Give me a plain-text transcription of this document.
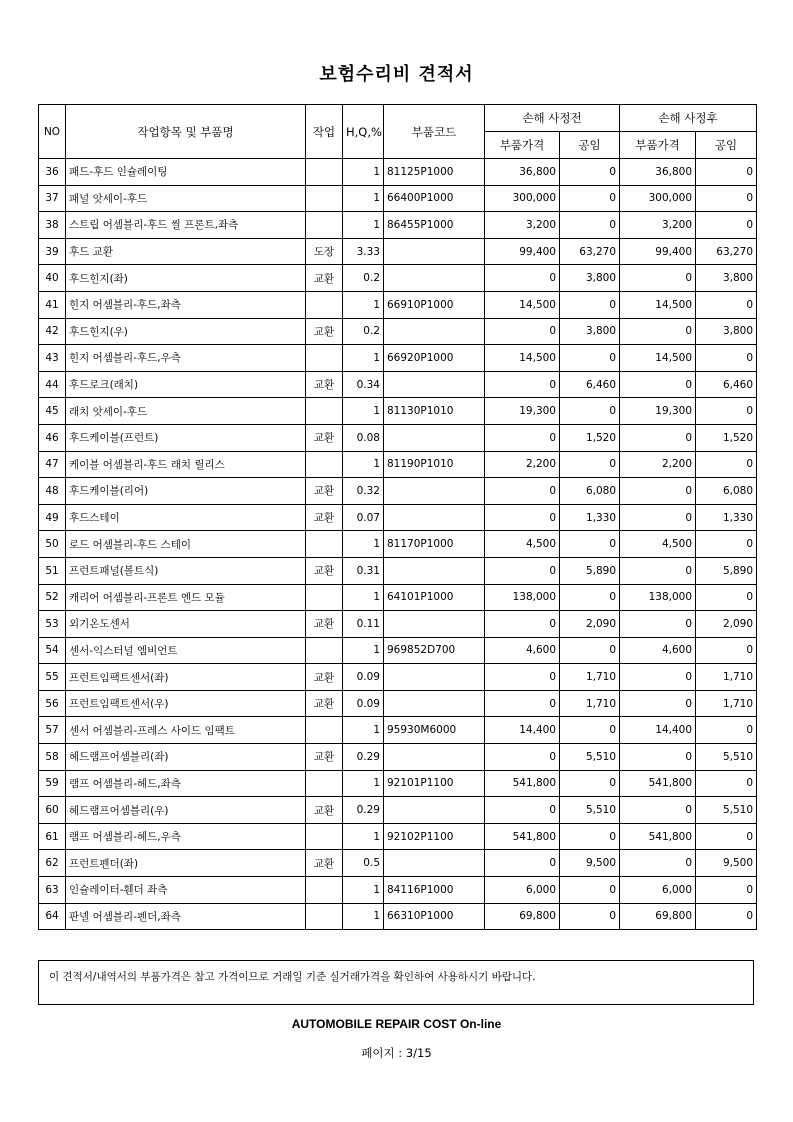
보험수리비 견적서
NO	작업항목 및 부품명	작업	H,Q,%	부품코드	손해 사정전		손해 사정후	
					부품가격	공임	부품가격	공임
36	패드-후드 인슐레이팅		1	81125P1000	36,800	0	36,800	0
37	패널 앗세이-후드		1	66400P1000	300,000	0	300,000	0
38	스트립 어셈블리-후드 씰 프론트,좌측		1	86455P1000	3,200	0	3,200	0
39	후드 교환	도장	3.33		99,400	63,270	99,400	63,270
40	후드힌지(좌)	교환	0.2		0	3,800	0	3,800
41	힌지 어셈블리-후드,좌측		1	66910P1000	14,500	0	14,500	0
42	후드힌지(우)	교환	0.2		0	3,800	0	3,800
43	힌지 어셈블리-후드,우측		1	66920P1000	14,500	0	14,500	0
44	후드로크(래치)	교환	0.34		0	6,460	0	6,460
45	래치 앗세이-후드		1	81130P1010	19,300	0	19,300	0
46	후드케이블(프런트)	교환	0.08		0	1,520	0	1,520
47	케이블 어셈블리-후드 래치 릴리스		1	81190P1010	2,200	0	2,200	0
48	후드케이블(리어)	교환	0.32		0	6,080	0	6,080
49	후드스테이	교환	0.07		0	1,330	0	1,330
50	로드 어셈블리-후드 스테이		1	81170P1000	4,500	0	4,500	0
51	프런트패널(볼트식)	교환	0.31		0	5,890	0	5,890
52	캐리어 어셈블리-프론트 엔드 모듈		1	64101P1000	138,000	0	138,000	0
53	외기온도센서	교환	0.11		0	2,090	0	2,090
54	센서-익스터널 엠비언트		1	969852D700	4,600	0	4,600	0
55	프런트임팩트센서(좌)	교환	0.09		0	1,710	0	1,710
56	프런트임팩트센서(우)	교환	0.09		0	1,710	0	1,710
57	센서 어셈블리-프레스 사이드 임팩트		1	95930M6000	14,400	0	14,400	0
58	헤드램프어셈블리(좌)	교환	0.29		0	5,510	0	5,510
59	램프 어셈블리-헤드,좌측		1	92101P1100	541,800	0	541,800	0
60	헤드램프어셈블리(우)	교환	0.29		0	5,510	0	5,510
61	램프 어셈블리-헤드,우측		1	92102P1100	541,800	0	541,800	0
62	프런트펜더(좌)	교환	0.5		0	9,500	0	9,500
63	인슐레이터-휀더 좌측		1	84116P1000	6,000	0	6,000	0
64	판넬 어셈블리-펜더,좌측		1	66310P1000	69,800	0	69,800	0
이 견적서/내역서의 부품가격은 참고 가격이므로 거래일 기준 실거래가격을 확인하여 사용하시기 바랍니다.
AUTOMOBILE REPAIR COST On-line
페이지 : 3/15
